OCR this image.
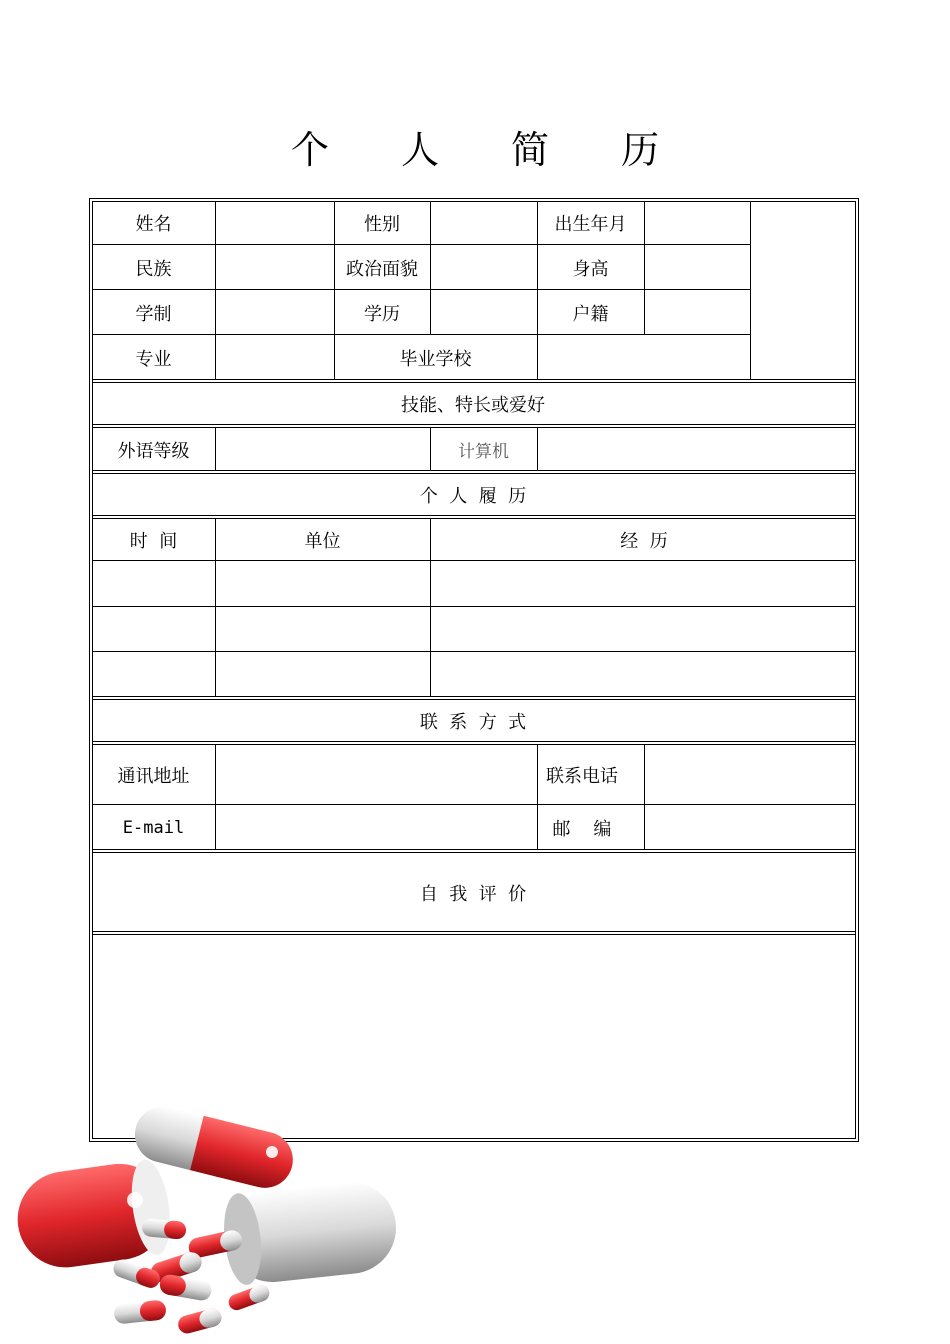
个 人 简 历
姓名	性别	出生年月
民族	政治面貌	身高
学制	学历	户籍
专业	毕业学校
技能、特长或爱好
外语等级	计算机
个  人  履  历
时  间	单位	经  历
联  系  方  式
通讯地址	联系电话
E-mail	邮    编
自  我  评  价
